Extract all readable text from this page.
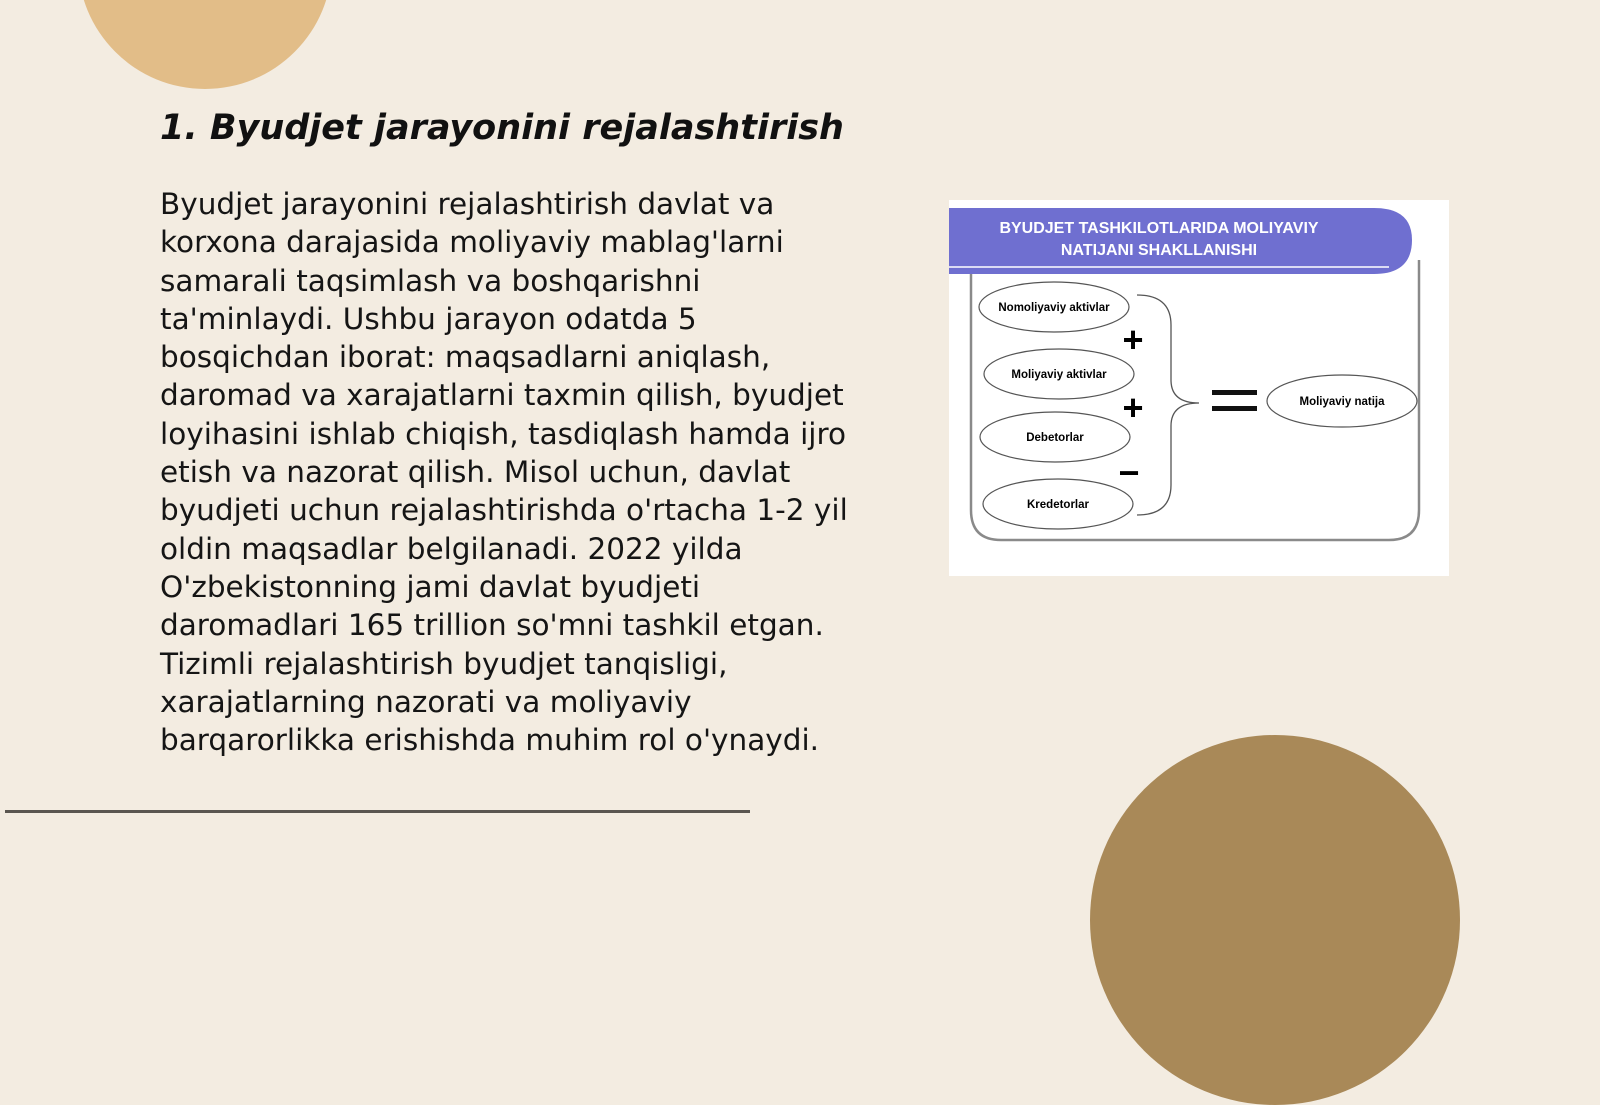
1. Byudjet jarayonini rejalashtirish

Byudjet jarayonini rejalashtirish davlat va korxona darajasida moliyaviy mablag'larni samarali taqsimlash va boshqarishni ta'minlaydi. Ushbu jarayon odatda 5 bosqichdan iborat: maqsadlarni aniqlash, daromad va xarajatlarni taxmin qilish, byudjet loyihasini ishlab chiqish, tasdiqlash hamda ijro etish va nazorat qilish. Misol uchun, davlat byudjeti uchun rejalashtirishda o'rtacha 1-2 yil oldin maqsadlar belgilanadi. 2022 yilda O'zbekistonning jami davlat byudjeti daromadlari 165 trillion so'mni tashkil etgan. Tizimli rejalashtirish byudjet tanqisligi, xarajatlarning nazorati va moliyaviy barqarorlikka erishishda muhim rol o'ynaydi.

BYUDJET TASHKILOTLARIDA MOLIYAVIY
NATIJANI SHAKLLANISHI
Nomoliyaviy aktivlar
Moliyaviy aktivlar
Debetorlar
Kredetorlar
+
+
−
Moliyaviy natija
